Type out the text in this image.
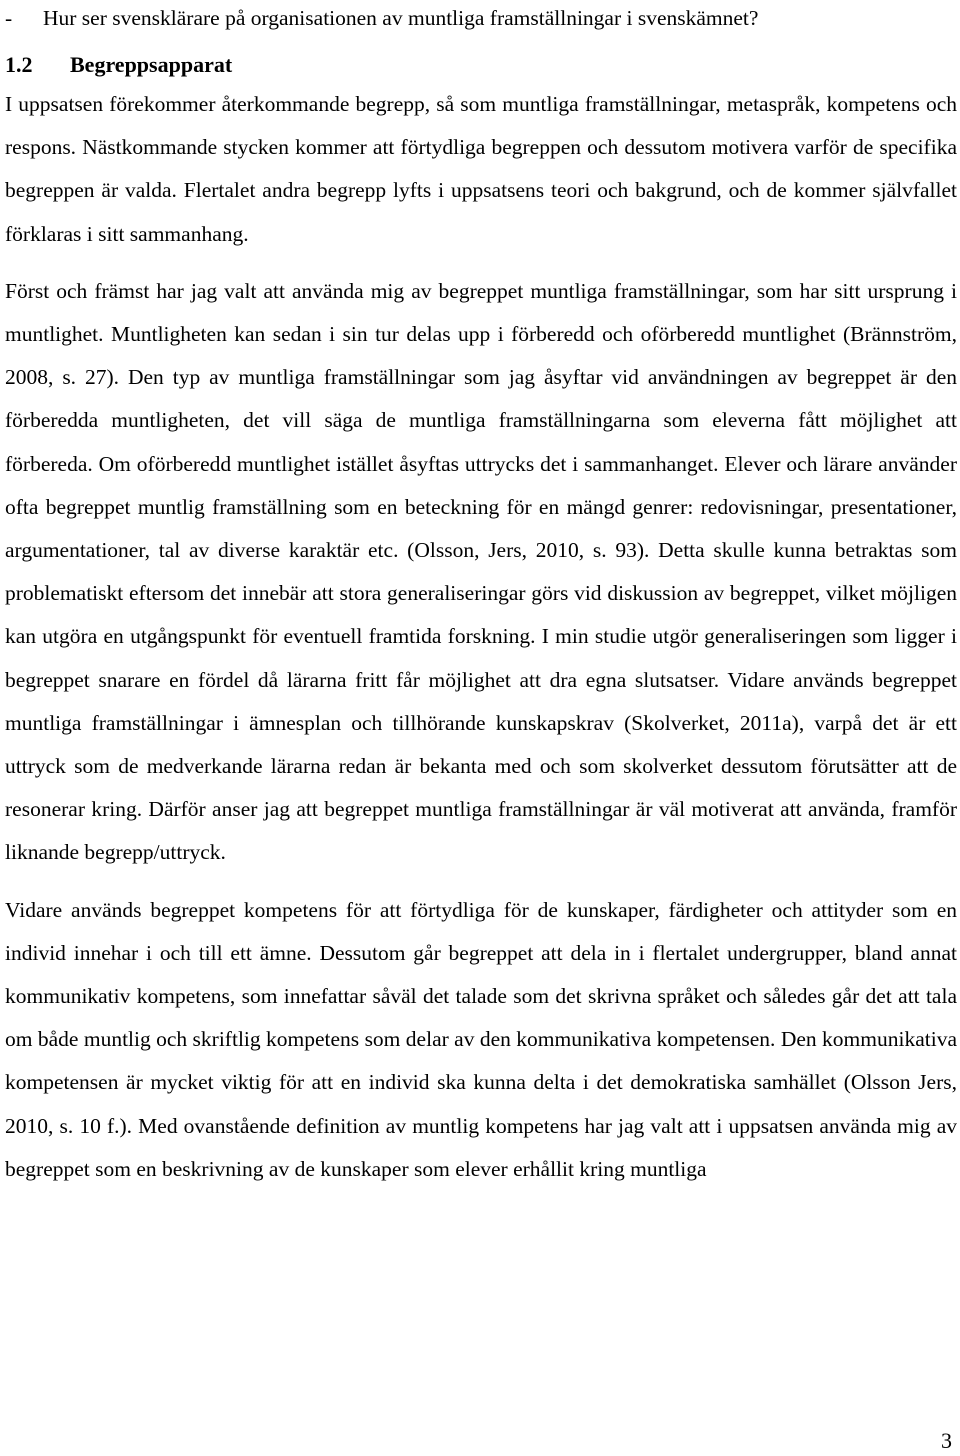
- Hur ser svensklärare på organisationen av muntliga framställningar i svenskämnet?
1.2 Begreppsapparat

I uppsatsen förekommer återkommande begrepp, så som muntliga framställningar, metaspråk, kompetens och respons. Nästkommande stycken kommer att förtydliga begreppen och dessutom motivera varför de specifika begreppen är valda. Flertalet andra begrepp lyfts i uppsatsens teori och bakgrund, och de kommer självfallet förklaras i sitt sammanhang.

Först och främst har jag valt att använda mig av begreppet muntliga framställningar, som har sitt ursprung i muntlighet. Muntligheten kan sedan i sin tur delas upp i förberedd och oförberedd muntlighet (Brännström, 2008, s. 27). Den typ av muntliga framställningar som jag åsyftar vid användningen av begreppet är den förberedda muntligheten, det vill säga de muntliga framställningarna som eleverna fått möjlighet att förbereda. Om oförberedd muntlighet istället åsyftas uttrycks det i sammanhanget. Elever och lärare använder ofta begreppet muntlig framställning som en beteckning för en mängd genrer: redovisningar, presentationer, argumentationer, tal av diverse karaktär etc. (Olsson, Jers, 2010, s. 93). Detta skulle kunna betraktas som problematiskt eftersom det innebär att stora generaliseringar görs vid diskussion av begreppet, vilket möjligen kan utgöra en utgångspunkt för eventuell framtida forskning. I min studie utgör generaliseringen som ligger i begreppet snarare en fördel då lärarna fritt får möjlighet att dra egna slutsatser. Vidare används begreppet muntliga framställningar i ämnesplan och tillhörande kunskapskrav (Skolverket, 2011a), varpå det är ett uttryck som de medverkande lärarna redan är bekanta med och som skolverket dessutom förutsätter att de resonerar kring. Därför anser jag att begreppet muntliga framställningar är väl motiverat att använda, framför liknande begrepp/uttryck.

Vidare används begreppet kompetens för att förtydliga för de kunskaper, färdigheter och attityder som en individ innehar i och till ett ämne. Dessutom går begreppet att dela in i flertalet undergrupper, bland annat kommunikativ kompetens, som innefattar såväl det talade som det skrivna språket och således går det att tala om både muntlig och skriftlig kompetens som delar av den kommunikativa kompetensen. Den kommunikativa kompetensen är mycket viktig för att en individ ska kunna delta i det demokratiska samhället (Olsson Jers, 2010, s. 10 f.). Med ovanstående definition av muntlig kompetens har jag valt att i uppsatsen använda mig av begreppet som en beskrivning av de kunskaper som elever erhållit kring muntliga

3
